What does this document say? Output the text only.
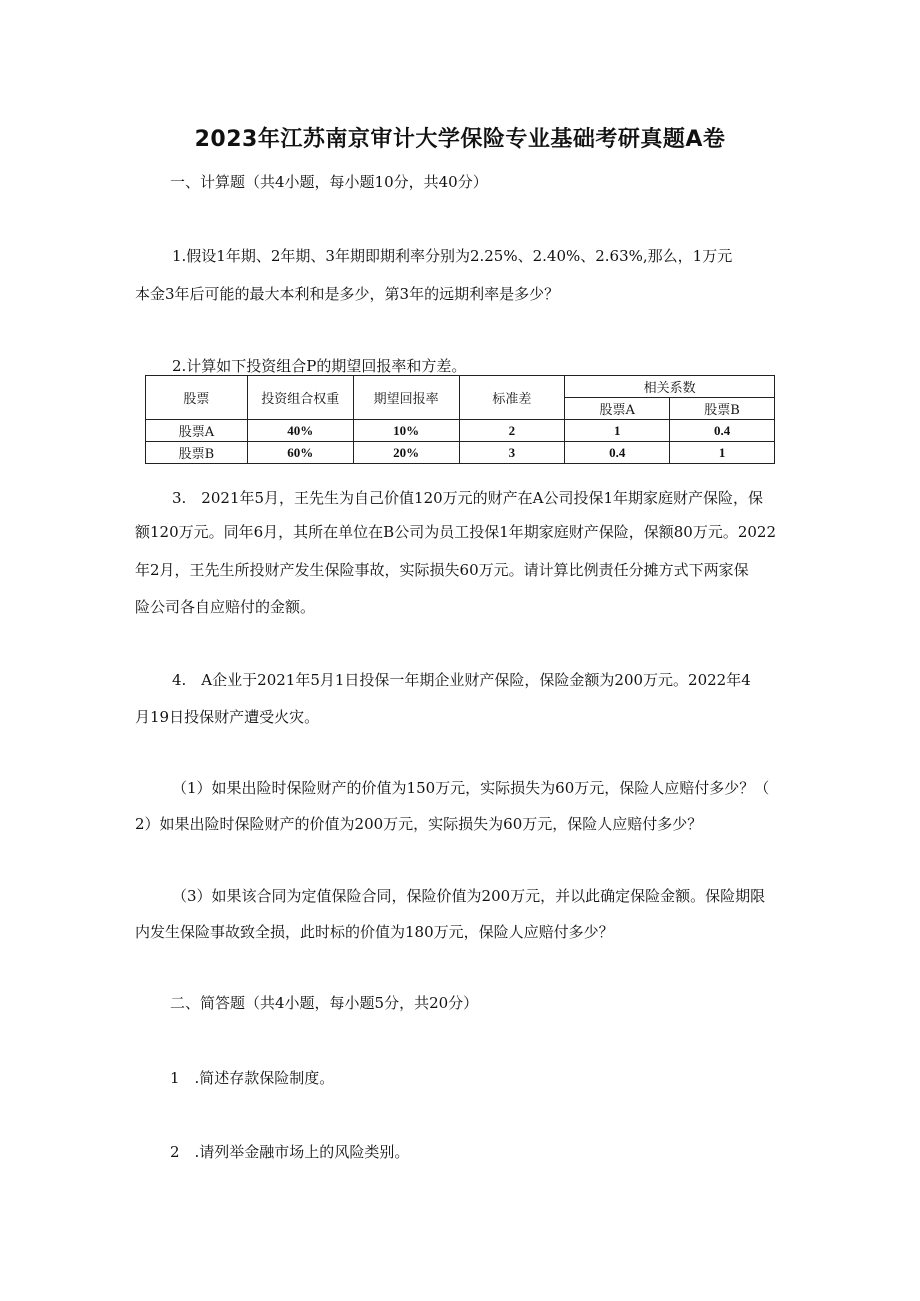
2023年江苏南京审计大学保险专业基础考研真题A卷
一、计算题（共4小题，每小题10分，共40分）
1.假设1年期、2年期、3年期即期利率分别为2.25%、2.40%、2.63%,那么，1万元
本金3年后可能的最大本利和是多少，第3年的远期利率是多少？
2.计算如下投资组合P的期望回报率和方差。
股票	投资组合权重	期望回报率	标准差	相关系数	
				股票A	股票B
股票A	40%	10%	2	1	0.4
股票B	60%	20%	3	0.4	1
3.　2021年5月，王先生为自己价值120万元的财产在A公司投保1年期家庭财产保险，保
额120万元。同年6月，其所在单位在B公司为员工投保1年期家庭财产保险，保额80万元。2022
年2月，王先生所投财产发生保险事故，实际损失60万元。请计算比例责任分摊方式下两家保
险公司各自应赔付的金额。
4.　A企业于2021年5月1日投保一年期企业财产保险，保险金额为200万元。2022年4
月19日投保财产遭受火灾。
（1）如果出险时保险财产的价值为150万元，实际损失为60万元，保险人应赔付多少？（
2）如果出险时保险财产的价值为200万元，实际损失为60万元，保险人应赔付多少？
（3）如果该合同为定值保险合同，保险价值为200万元，并以此确定保险金额。保险期限
内发生保险事故致全损，此时标的价值为180万元，保险人应赔付多少？
二、简答题（共4小题，每小题5分，共20分）
1　.简述存款保险制度。
2　.请列举金融市场上的风险类别。
